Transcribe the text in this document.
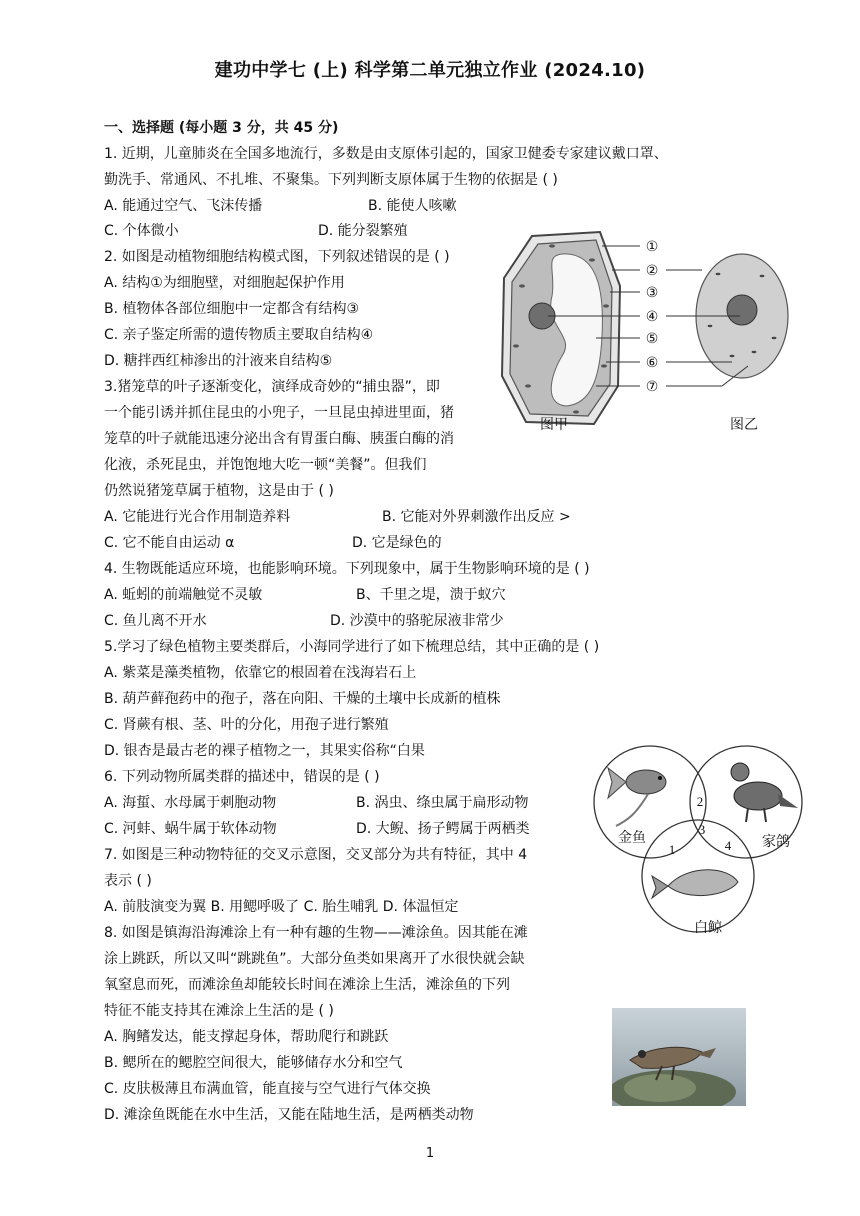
建功中学七 (上) 科学第二单元独立作业 (2024.10)
一、选择题 (每小题 3 分，共 45 分)
1. 近期，儿童肺炎在全国多地流行，多数是由支原体引起的，国家卫健委专家建议戴口罩、
勤洗手、常通风、不扎堆、不聚集。下列判断支原体属于生物的依据是 ( )
A. 能通过空气、飞沫传播	B. 能使人咳嗽
C. 个体微小	D. 能分裂繁殖
2. 如图是动植物细胞结构模式图，下列叙述错误的是 ( )
A. 结构①为细胞壁，对细胞起保护作用
B. 植物体各部位细胞中一定都含有结构③
C. 亲子鉴定所需的遗传物质主要取自结构④
D. 糖拌西红柿渗出的汁液来自结构⑤
3.猪笼草的叶子逐渐变化，演绎成奇妙的“捕虫器”，即
一个能引诱并抓住昆虫的小兜子，一旦昆虫掉进里面，猪
笼草的叶子就能迅速分泌出含有胃蛋白酶、胰蛋白酶的消
化液，杀死昆虫，并饱饱地大吃一顿“美餐”。但我们
仍然说猪笼草属于植物，这是由于 ( )
A. 它能进行光合作用制造养料	B. 它能对外界刺激作出反应 >
C. 它不能自由运动 α	D. 它是绿色的
4. 生物既能适应环境，也能影响环境。下列现象中，属于生物影响环境的是 ( )
A. 蚯蚓的前端触觉不灵敏	B、千里之堤，溃于蚁穴
C. 鱼儿离不开水	D. 沙漠中的骆驼尿液非常少
5.学习了绿色植物主要类群后，小海同学进行了如下梳理总结，其中正确的是 ( )
A. 紫菜是藻类植物，依靠它的根固着在浅海岩石上
B. 葫芦藓孢药中的孢子，落在向阳、干燥的土壤中长成新的植株
C. 肾蕨有根、茎、叶的分化，用孢子进行繁殖
D. 银杏是最古老的裸子植物之一，其果实俗称“白果
6. 下列动物所属类群的描述中，错误的是 ( )
A. 海蜇、水母属于刺胞动物	B. 涡虫、绦虫属于扁形动物
C. 河蚌、蜗牛属于软体动物	D. 大鲵、扬子鳄属于两栖类
7. 如图是三种动物特征的交叉示意图，交叉部分为共有特征，其中 4
表示 ( )
A. 前肢演变为翼 B. 用鳃呼吸了 C. 胎生哺乳 D. 体温恒定
8. 如图是镇海沿海滩涂上有一种有趣的生物——滩涂鱼。因其能在滩
涂上跳跃，所以又叫“跳跳鱼”。大部分鱼类如果离开了水很快就会缺
氧窒息而死，而滩涂鱼却能较长时间在滩涂上生活，滩涂鱼的下列
特征不能支持其在滩涂上生活的是 ( )
A. 胸鳍发达，能支撑起身体，帮助爬行和跳跃
B. 鳃所在的鳃腔空间很大，能够储存水分和空气
C. 皮肤极薄且布满血管，能直接与空气进行气体交换
D. 滩涂鱼既能在水中生活，又能在陆地生活，是两栖类动物
①
②
③
④
⑤
⑥
⑦
图甲	图乙
2
3
1	4
金鱼	家鸽
白鲸
1
